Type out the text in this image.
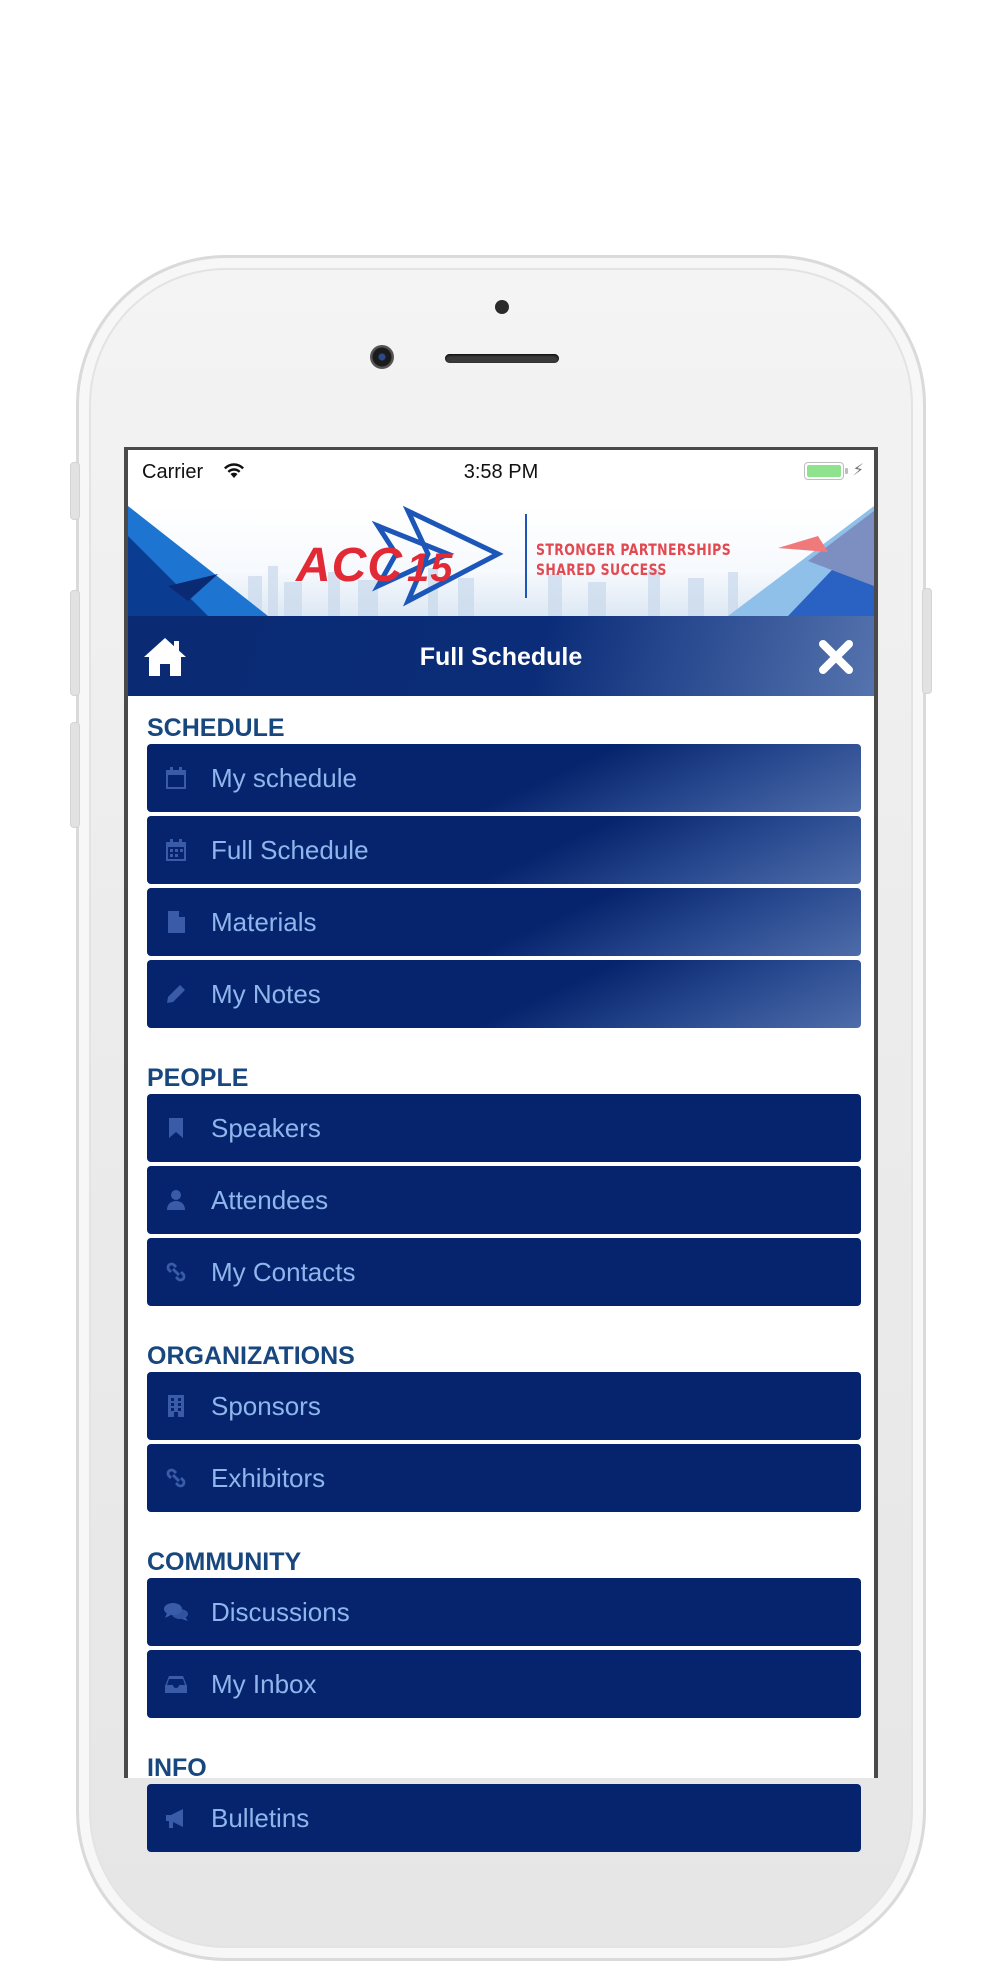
Carrier	3:58 PM	⚡
ACC 15	STRONGER PARTNERSHIPS
SHARED SUCCESS
Full Schedule
SCHEDULE
My schedule
Full Schedule
Materials
My Notes
PEOPLE
Speakers
Attendees
My Contacts
ORGANIZATIONS
Sponsors
Exhibitors
COMMUNITY
Discussions
My Inbox
INFO
Bulletins
